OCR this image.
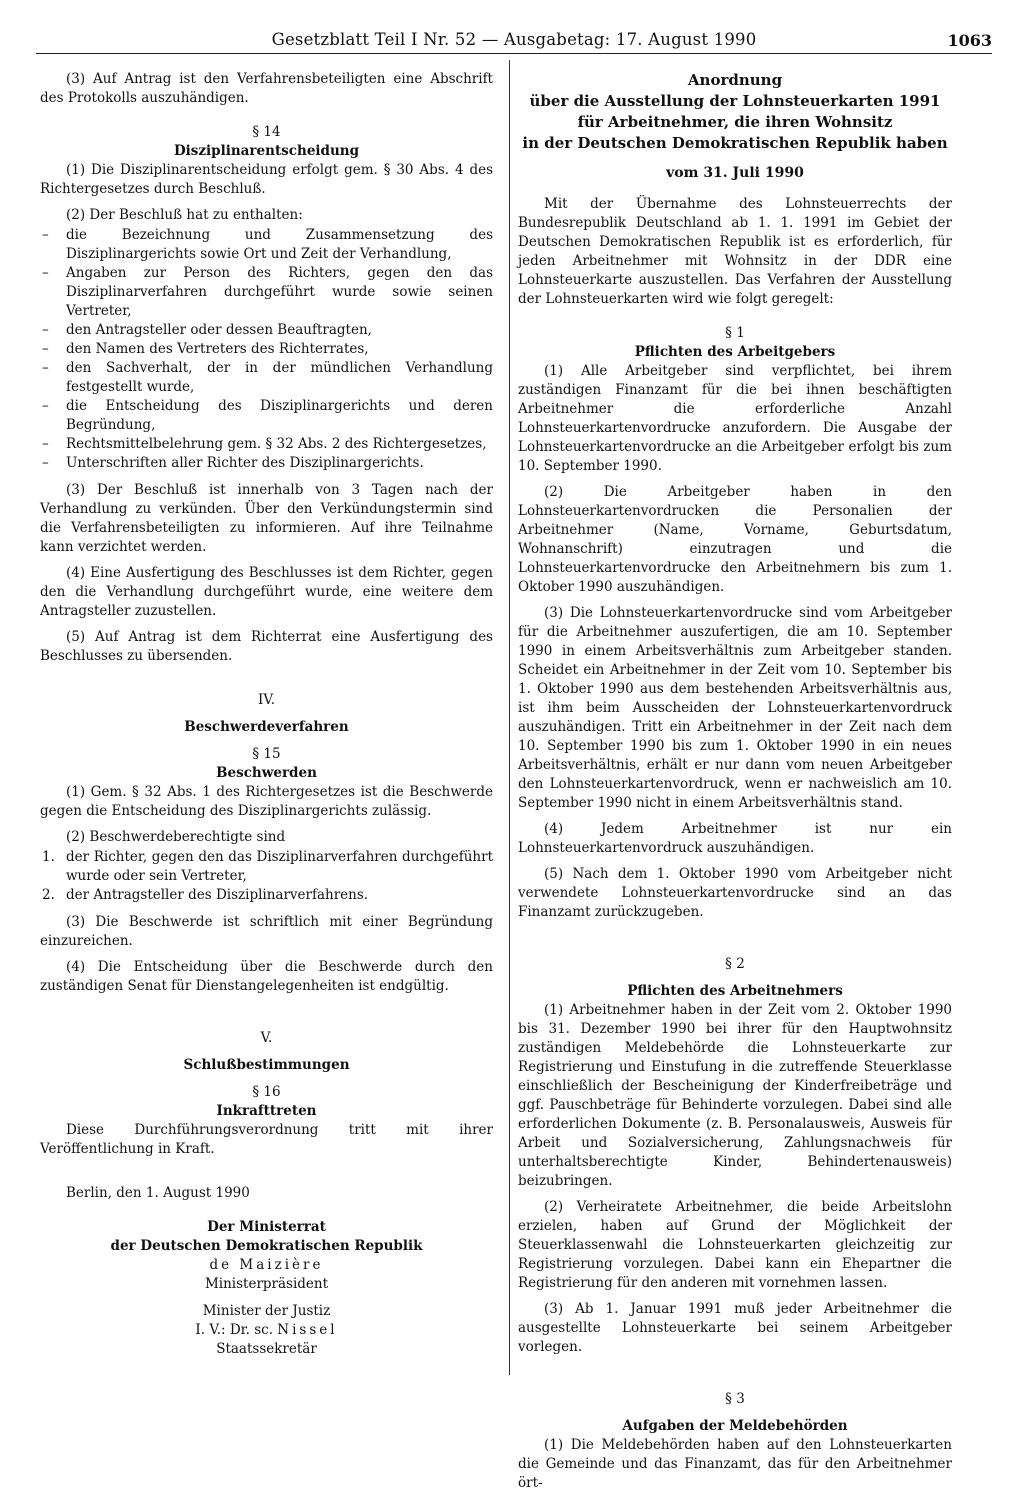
Gesetzblatt Teil I Nr. 52 — Ausgabetag: 17. August 1990	1063

(3) Auf Antrag ist den Verfahrensbeteiligten eine Abschrift des Protokolls auszuhändigen.

§ 14

Disziplinarentscheidung

(1) Die Disziplinarentscheidung erfolgt gem. § 30 Abs. 4 des Richtergesetzes durch Beschluß.

(2) Der Beschluß hat zu enthalten:

– die Bezeichnung und Zusammensetzung des Disziplinargerichts sowie Ort und Zeit der Verhandlung,
– Angaben zur Person des Richters, gegen den das Disziplinarverfahren durchgeführt wurde sowie seinen Vertreter,
– den Antragsteller oder dessen Beauftragten,
– den Namen des Vertreters des Richterrates,
– den Sachverhalt, der in der mündlichen Verhandlung festgestellt wurde,
– die Entscheidung des Disziplinargerichts und deren Begründung,
– Rechtsmittelbelehrung gem. § 32 Abs. 2 des Richtergesetzes,
– Unterschriften aller Richter des Disziplinargerichts.

(3) Der Beschluß ist innerhalb von 3 Tagen nach der Verhandlung zu verkünden. Über den Verkündungstermin sind die Verfahrensbeteiligten zu informieren. Auf ihre Teilnahme kann verzichtet werden.

(4) Eine Ausfertigung des Beschlusses ist dem Richter, gegen den die Verhandlung durchgeführt wurde, eine weitere dem Antragsteller zuzustellen.

(5) Auf Antrag ist dem Richterrat eine Ausfertigung des Beschlusses zu übersenden.

IV.

Beschwerdeverfahren

§ 15

Beschwerden

(1) Gem. § 32 Abs. 1 des Richtergesetzes ist die Beschwerde gegen die Entscheidung des Disziplinargerichts zulässig.

(2) Beschwerdeberechtigte sind

1. der Richter, gegen den das Disziplinarverfahren durchgeführt wurde oder sein Vertreter,
2. der Antragsteller des Disziplinarverfahrens.

(3) Die Beschwerde ist schriftlich mit einer Begründung einzureichen.

(4) Die Entscheidung über die Beschwerde durch den zuständigen Senat für Dienstangelegenheiten ist endgültig.

V.

Schlußbestimmungen

§ 16

Inkrafttreten

Diese Durchführungsverordnung tritt mit ihrer Veröffentlichung in Kraft.

Berlin, den 1. August 1990

Der Ministerrat

der Deutschen Demokratischen Republik

de Maizière

Ministerpräsident

Minister der Justiz

I. V.: Dr. sc. Nissel

Staatssekretär

Anordnung

über die Ausstellung der Lohnsteuerkarten 1991

für Arbeitnehmer, die ihren Wohnsitz

in der Deutschen Demokratischen Republik haben

vom 31. Juli 1990

Mit der Übernahme des Lohnsteuerrechts der Bundesrepublik Deutschland ab 1. 1. 1991 im Gebiet der Deutschen Demokratischen Republik ist es erforderlich, für jeden Arbeitnehmer mit Wohnsitz in der DDR eine Lohnsteuerkarte auszustellen. Das Verfahren der Ausstellung der Lohnsteuerkarten wird wie folgt geregelt:

§ 1

Pflichten des Arbeitgebers

(1) Alle Arbeitgeber sind verpflichtet, bei ihrem zuständigen Finanzamt für die bei ihnen beschäftigten Arbeitnehmer die erforderliche Anzahl Lohnsteuerkartenvordrucke anzufordern. Die Ausgabe der Lohnsteuerkartenvordrucke an die Arbeitgeber erfolgt bis zum 10. September 1990.

(2) Die Arbeitgeber haben in den Lohnsteuerkartenvordrucken die Personalien der Arbeitnehmer (Name, Vorname, Geburtsdatum, Wohnanschrift) einzutragen und die Lohnsteuerkartenvordrucke den Arbeitnehmern bis zum 1. Oktober 1990 auszuhändigen.

(3) Die Lohnsteuerkartenvordrucke sind vom Arbeitgeber für die Arbeitnehmer auszufertigen, die am 10. September 1990 in einem Arbeitsverhältnis zum Arbeitgeber standen. Scheidet ein Arbeitnehmer in der Zeit vom 10. September bis 1. Oktober 1990 aus dem bestehenden Arbeitsverhältnis aus, ist ihm beim Ausscheiden der Lohnsteuerkartenvordruck auszuhändigen. Tritt ein Arbeitnehmer in der Zeit nach dem 10. September 1990 bis zum 1. Oktober 1990 in ein neues Arbeitsverhältnis, erhält er nur dann vom neuen Arbeitgeber den Lohnsteuerkartenvordruck, wenn er nachweislich am 10. September 1990 nicht in einem Arbeitsverhältnis stand.

(4) Jedem Arbeitnehmer ist nur ein Lohnsteuerkartenvordruck auszuhändigen.

(5) Nach dem 1. Oktober 1990 vom Arbeitgeber nicht verwendete Lohnsteuerkartenvordrucke sind an das Finanzamt zurückzugeben.

§ 2

Pflichten des Arbeitnehmers

(1) Arbeitnehmer haben in der Zeit vom 2. Oktober 1990 bis 31. Dezember 1990 bei ihrer für den Hauptwohnsitz zuständigen Meldebehörde die Lohnsteuerkarte zur Registrierung und Einstufung in die zutreffende Steuerklasse einschließlich der Bescheinigung der Kinderfreibeträge und ggf. Pauschbeträge für Behinderte vorzulegen. Dabei sind alle erforderlichen Dokumente (z. B. Personalausweis, Ausweis für Arbeit und Sozialversicherung, Zahlungsnachweis für unterhaltsberechtigte Kinder, Behindertenausweis) beizubringen.

(2) Verheiratete Arbeitnehmer, die beide Arbeitslohn erzielen, haben auf Grund der Möglichkeit der Steuerklassenwahl die Lohnsteuerkarten gleichzeitig zur Registrierung vorzulegen. Dabei kann ein Ehepartner die Registrierung für den anderen mit vornehmen lassen.

(3) Ab 1. Januar 1991 muß jeder Arbeitnehmer die ausgestellte Lohnsteuerkarte bei seinem Arbeitgeber vorlegen.

§ 3

Aufgaben der Meldebehörden

(1) Die Meldebehörden haben auf den Lohnsteuerkarten die Gemeinde und das Finanzamt, das für den Arbeitnehmer ört-
